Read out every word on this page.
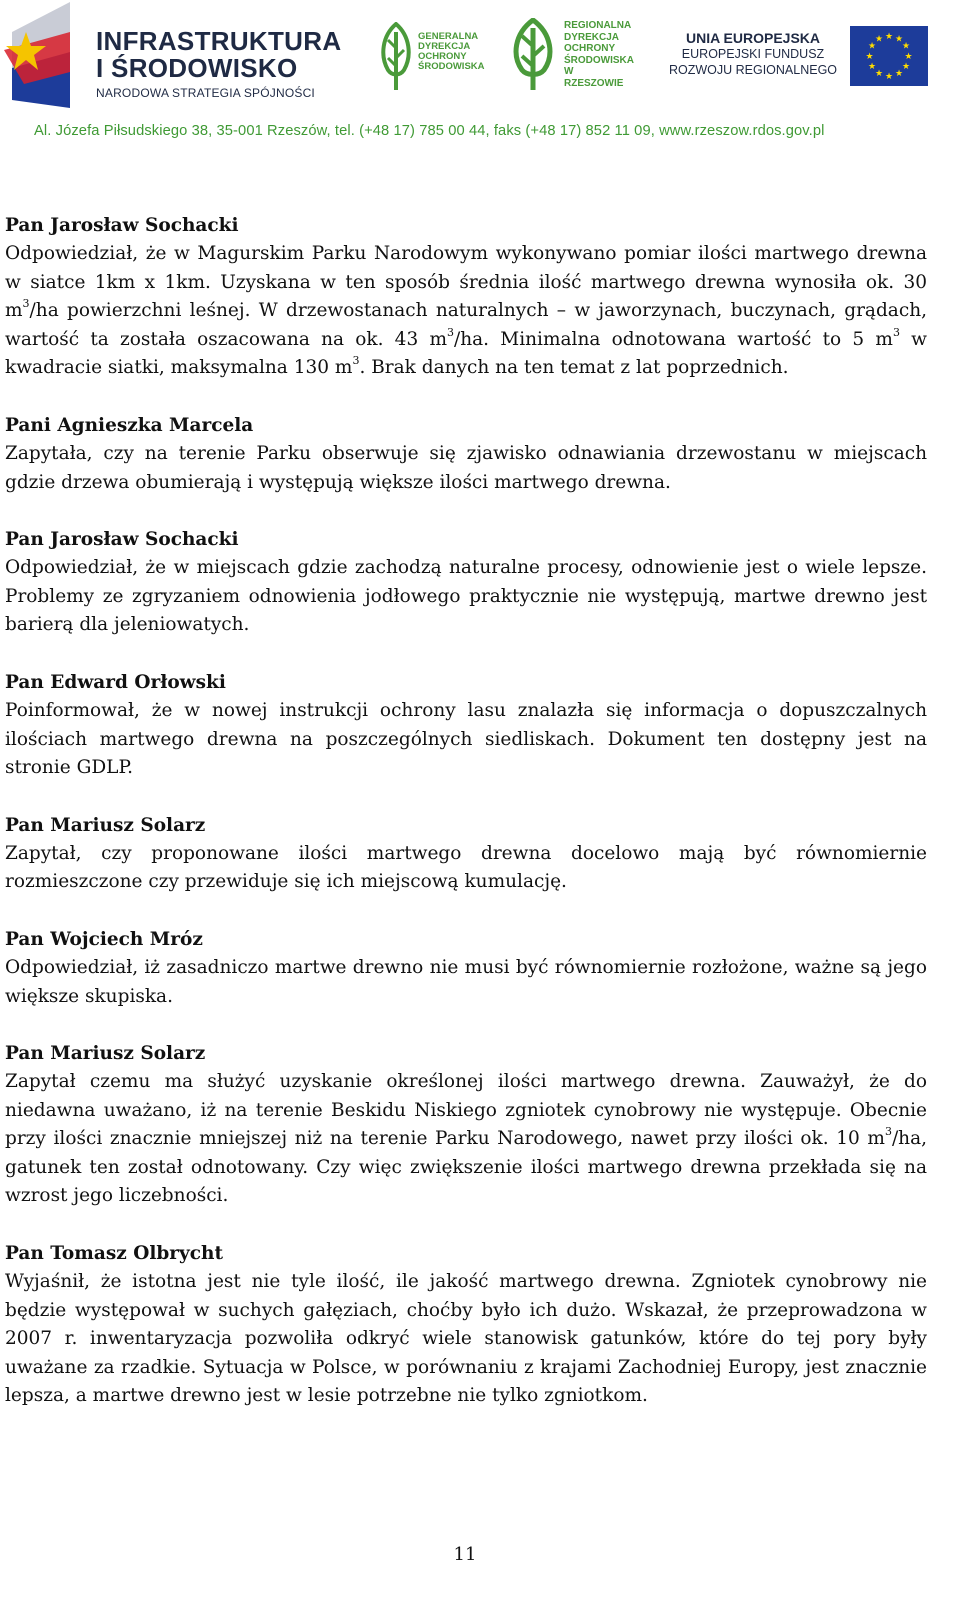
INFRASTRUKTURA
I ŚRODOWISKO
NARODOWA STRATEGIA SPÓJNOŚCI
GENERALNA
DYREKCJA
OCHRONY
ŚRODOWISKA
REGIONALNA
DYREKCJA
OCHRONY
ŚRODOWISKA
W RZESZOWIE
UNIA EUROPEJSKA
EUROPEJSKI FUNDUSZ
ROZWOJU REGIONALNEGO
★ ★
★
★
★
★
★
★
★
★
★
★
Al. Józefa Piłsudskiego 38, 35-001 Rzeszów, tel. (+48 17) 785 00 44, faks (+48 17) 852 11 09, www.rzeszow.rdos.gov.pl
Pan Jarosław Sochacki
Odpowiedział, że w Magurskim Parku Narodowym wykonywano pomiar ilości martwego drewna w siatce 1km x 1km. Uzyskana w ten sposób średnia ilość martwego drewna wynosiła ok. 30 $m^3/ha$ powierzchni leśnej. W drzewostanach naturalnych – w jaworzynach, buczynach, grądach, wartość ta została oszacowana na ok. 43 $m^3/ha$. Minimalna odnotowana wartość to 5 $m^3$ w kwadracie siatki, maksymalna 130 $m^3$. Brak danych na ten temat z lat poprzednich.
Pani Agnieszka Marcela
Zapytała, czy na terenie Parku obserwuje się zjawisko odnawiania drzewostanu w miejscach gdzie drzewa obumierają i występują większe ilości martwego drewna.
Pan Jarosław Sochacki
Odpowiedział, że w miejscach gdzie zachodzą naturalne procesy, odnowienie jest o wiele lepsze. Problemy ze zgryzaniem odnowienia jodłowego praktycznie nie występują, martwe drewno jest barierą dla jeleniowatych.
Pan Edward Orłowski
Poinformował, że w nowej instrukcji ochrony lasu znalazła się informacja o dopuszczalnych ilościach martwego drewna na poszczególnych siedliskach. Dokument ten dostępny jest na stronie GDLP.
Pan Mariusz Solarz
Zapytał, czy proponowane ilości martwego drewna docelowo mają być równomiernie rozmieszczone czy przewiduje się ich miejscową kumulację.
Pan Wojciech Mróz
Odpowiedział, iż zasadniczo martwe drewno nie musi być równomiernie rozłożone, ważne są jego większe skupiska.
Pan Mariusz Solarz
Zapytał czemu ma służyć uzyskanie określonej ilości martwego drewna. Zauważył, że do niedawna uważano, iż na terenie Beskidu Niskiego zgniotek cynobrowy nie występuje. Obecnie przy ilości znacznie mniejszej niż na terenie Parku Narodowego, nawet przy ilości ok. 10 $m^3/ha$, gatunek ten został odnotowany. Czy więc zwiększenie ilości martwego drewna przekłada się na wzrost jego liczebności.
Pan Tomasz Olbrycht
Wyjaśnił, że istotna jest nie tyle ilość, ile jakość martwego drewna. Zgniotek cynobrowy nie będzie występował w suchych gałęziach, choćby było ich dużo. Wskazał, że przeprowadzona w 2007 r. inwentaryzacja pozwoliła odkryć wiele stanowisk gatunków, które do tej pory były uważane za rzadkie. Sytuacja w Polsce, w porównaniu z krajami Zachodniej Europy, jest znacznie lepsza, a martwe drewno jest w lesie potrzebne nie tylko zgniotkom.
11
